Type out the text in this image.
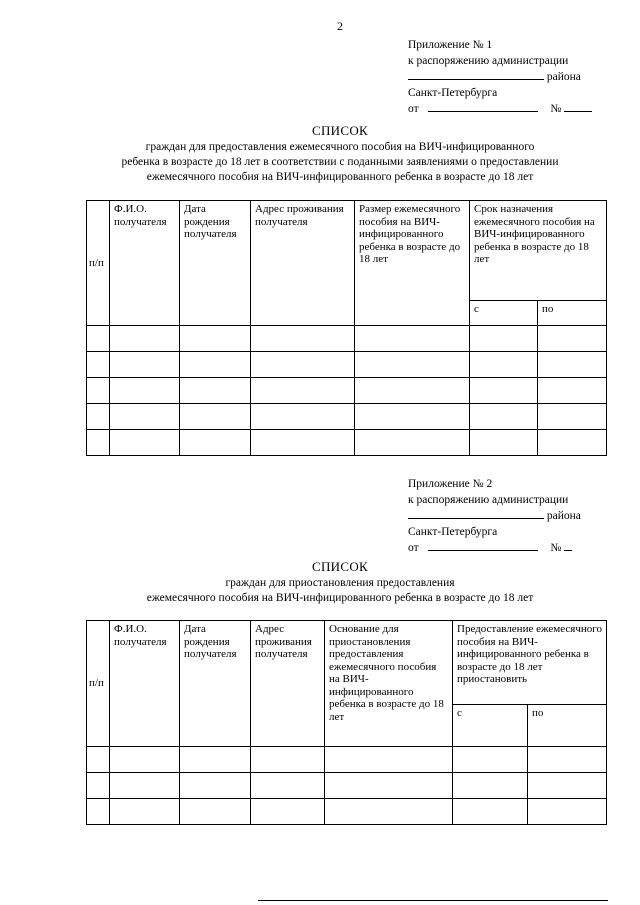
2
Приложение № 1
к распоряжению администрации
района
Санкт-Петербурга
от	№
СПИСОК
граждан для предоставления ежемесячного пособия на ВИЧ-инфицированного
ребенка в возрасте до 18 лет в соответствии с поданными заявлениями о предоставлении
ежемесячного пособия на ВИЧ-инфицированного ребенка в возрасте до 18 лет
п/п	Ф.И.О. получателя	Дата рождения получателя	Адрес проживания получателя	Размер ежемесячного пособия на ВИЧ-инфицированного ребенка в возрасте до 18 лет	Срок назначения ежемесячного пособия на ВИЧ-инфицированного ребенка в возрасте до 18 лет	
					с	по

Приложение № 2
к распоряжению администрации
района
Санкт-Петербурга
от	№
СПИСОК
граждан для приостановления предоставления
ежемесячного пособия на ВИЧ-инфицированного ребенка в возрасте до 18 лет
п/п	Ф.И.О. получателя	Дата рождения получателя	Адрес проживания получателя	Основание для приостановления предоставления ежемесячного пособия на ВИЧ-инфицированного ребенка в возрасте до 18 лет	Предоставление ежемесячного пособия на ВИЧ-инфицированного ребенка в возрасте до 18 лет приостановить	
					с	по
